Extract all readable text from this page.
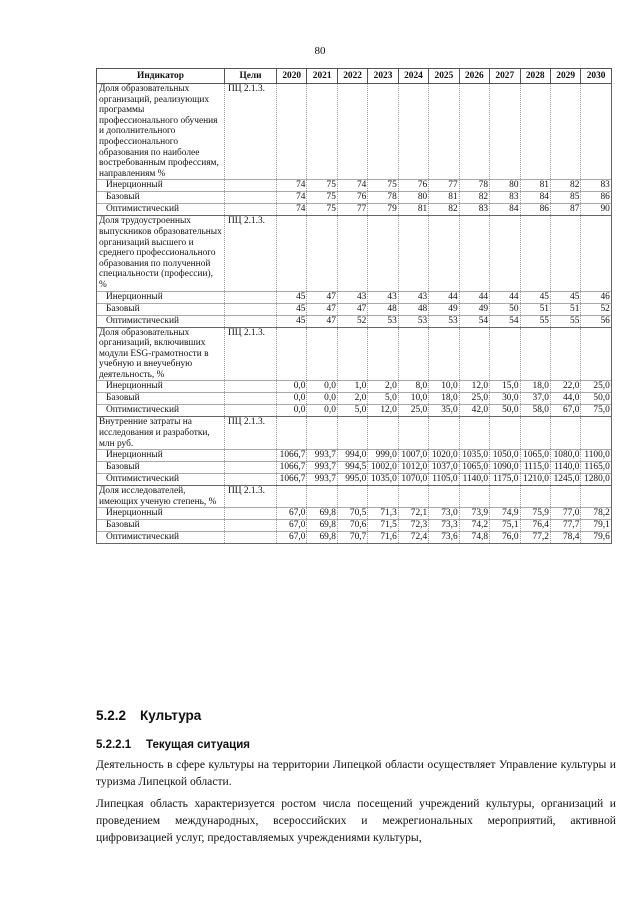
80
Индикатор	Цели	2020	2021	2022	2023	2024	2025	2026	2027	2028	2029	2030
Доля образовательных организаций, реализующих программы профессионального обучения и дополнительного профессионального образования по наиболее востребованным профессиям, направлениям %	ПЦ 2.1.3.											
Инерционный		74	75	74	75	76	77	78	80	81	82	83
Базовый		74	75	76	78	80	81	82	83	84	85	86
Оптимистический		74	75	77	79	81	82	83	84	86	87	90
Доля трудоустроенных выпускников образовательных организаций высшего и среднего профессионального образования по полученной специальности (профессии), %	ПЦ 2.1.3.											
Инерционный		45	47	43	43	43	44	44	44	45	45	46
Базовый		45	47	47	48	48	49	49	50	51	51	52
Оптимистический		45	47	52	53	53	53	54	54	55	55	56
Доля образовательных организаций, включивших модули ESG-грамотности в учебную и внеучебную деятельность, %	ПЦ 2.1.3.											
Инерционный		0,0	0,0	1,0	2,0	8,0	10,0	12,0	15,0	18,0	22,0	25,0
Базовый		0,0	0,0	2,0	5,0	10,0	18,0	25,0	30,0	37,0	44,0	50,0
Оптимистический		0,0	0,0	5,0	12,0	25,0	35,0	42,0	50,0	58,0	67,0	75,0
Внутренние затраты на исследования и разработки, млн руб.	ПЦ 2.1.3.											
Инерционный		1066,7	993,7	994,0	999,0	1007,0	1020,0	1035,0	1050,0	1065,0	1080,0	1100,0
Базовый		1066,7	993,7	994,5	1002,0	1012,0	1037,0	1065,0	1090,0	1115,0	1140,0	1165,0
Оптимистический		1066,7	993,7	995,0	1035,0	1070,0	1105,0	1140,0	1175,0	1210,0	1245,0	1280,0
Доля исследователей, имеющих ученую степень, %	ПЦ 2.1.3.											
Инерционный		67,0	69,8	70,5	71,3	72,1	73,0	73,9	74,9	75,9	77,0	78,2
Базовый		67,0	69,8	70,6	71,5	72,3	73,3	74,2	75,1	76,4	77,7	79,1
Оптимистический		67,0	69,8	70,7	71,6	72,4	73,6	74,8	76,0	77,2	78,4	79,6
5.2.2 Культура
5.2.2.1 Текущая ситуация
Деятельность в сфере культуры на территории Липецкой области осуществляет Управление культуры и туризма Липецкой области.
Липецкая область характеризуется ростом числа посещений учреждений культуры, организаций и проведением международных, всероссийских и межрегиональных мероприятий, активной цифровизацией услуг, предоставляемых учреждениями культуры,
